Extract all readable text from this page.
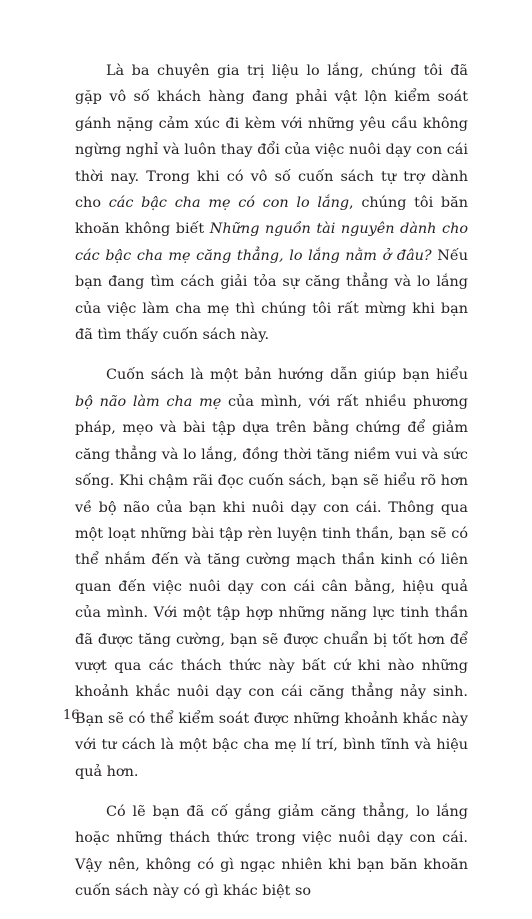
Là ba chuyên gia trị liệu lo lắng, chúng tôi đã gặp vô số khách hàng đang phải vật lộn kiểm soát gánh nặng cảm xúc đi kèm với những yêu cầu không ngừng nghỉ và luôn thay đổi của việc nuôi dạy con cái thời nay. Trong khi có vô số cuốn sách tự trợ dành cho các bậc cha mẹ có con lo lắng, chúng tôi băn khoăn không biết Những nguồn tài nguyên dành cho các bậc cha mẹ căng thẳng, lo lắng nằm ở đâu? Nếu bạn đang tìm cách giải tỏa sự căng thẳng và lo lắng của việc làm cha mẹ thì chúng tôi rất mừng khi bạn đã tìm thấy cuốn sách này.

Cuốn sách là một bản hướng dẫn giúp bạn hiểu bộ não làm cha mẹ của mình, với rất nhiều phương pháp, mẹo và bài tập dựa trên bằng chứng để giảm căng thẳng và lo lắng, đồng thời tăng niềm vui và sức sống. Khi chậm rãi đọc cuốn sách, bạn sẽ hiểu rõ hơn về bộ não của bạn khi nuôi dạy con cái. Thông qua một loạt những bài tập rèn luyện tinh thần, bạn sẽ có thể nhắm đến và tăng cường mạch thần kinh có liên quan đến việc nuôi dạy con cái cân bằng, hiệu quả của mình. Với một tập hợp những năng lực tinh thần đã được tăng cường, bạn sẽ được chuẩn bị tốt hơn để vượt qua các thách thức này bất cứ khi nào những khoảnh khắc nuôi dạy con cái căng thẳng nảy sinh. Bạn sẽ có thể kiểm soát được những khoảnh khắc này với tư cách là một bậc cha mẹ lí trí, bình tĩnh và hiệu quả hơn.

Có lẽ bạn đã cố gắng giảm căng thẳng, lo lắng hoặc những thách thức trong việc nuôi dạy con cái. Vậy nên, không có gì ngạc nhiên khi bạn băn khoăn cuốn sách này có gì khác biệt so

16
